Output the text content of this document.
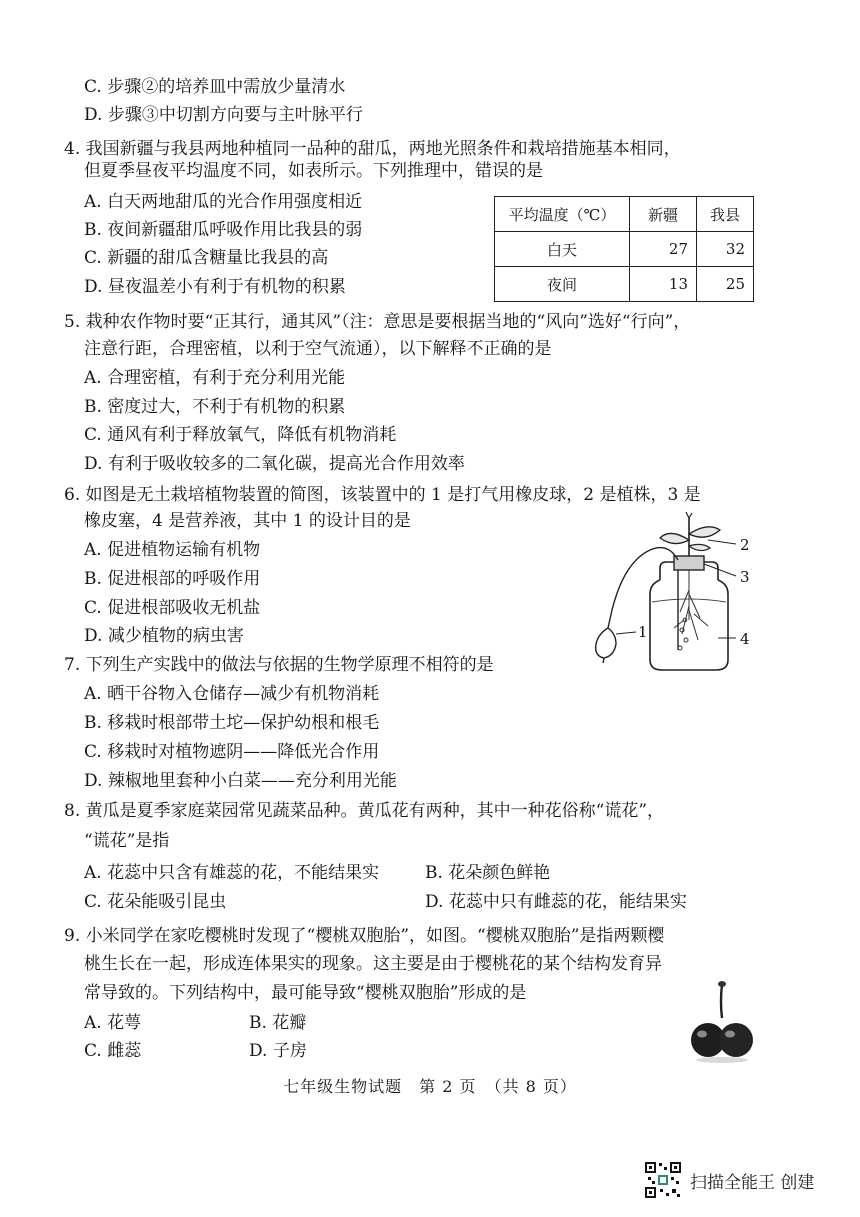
C. 步骤②的培养皿中需放少量清水
D. 步骤③中切割方向要与主叶脉平行
4. 我国新疆与我县两地种植同一品种的甜瓜，两地光照条件和栽培措施基本相同，
但夏季昼夜平均温度不同，如表所示。下列推理中，错误的是
A. 白天两地甜瓜的光合作用强度相近
B. 夜间新疆甜瓜呼吸作用比我县的弱
C. 新疆的甜瓜含糖量比我县的高
D. 昼夜温差小有利于有机物的积累
平均温度（℃）	新疆	我县
白天	27	32
夜间	13	25
5. 栽种农作物时要“正其行，通其风”（注：意思是要根据当地的“风向”选好“行向”，
注意行距，合理密植，以利于空气流通），以下解释不正确的是
A. 合理密植，有利于充分利用光能
B. 密度过大，不利于有机物的积累
C. 通风有利于释放氧气，降低有机物消耗
D. 有利于吸收较多的二氧化碳，提高光合作用效率
6. 如图是无土栽培植物装置的简图，该装置中的 1 是打气用橡皮球，2 是植株，3 是
橡皮塞，4 是营养液，其中 1 的设计目的是
A. 促进植物运输有机物
B. 促进根部的呼吸作用
C. 促进根部吸收无机盐
D. 减少植物的病虫害
2
3
4
1
7. 下列生产实践中的做法与依据的生物学原理不相符的是
A. 晒干谷物入仓储存—减少有机物消耗
B. 移栽时根部带土坨—保护幼根和根毛
C. 移栽时对植物遮阴——降低光合作用
D. 辣椒地里套种小白菜——充分利用光能
8. 黄瓜是夏季家庭菜园常见蔬菜品种。黄瓜花有两种，其中一种花俗称“谎花”，
“谎花”是指
A. 花蕊中只含有雄蕊的花，不能结果实	B. 花朵颜色鲜艳
C. 花朵能吸引昆虫	D. 花蕊中只有雌蕊的花，能结果实
9. 小米同学在家吃樱桃时发现了“樱桃双胞胎”，如图。“樱桃双胞胎”是指两颗樱
桃生长在一起，形成连体果实的现象。这主要是由于樱桃花的某个结构发育异
常导致的。下列结构中，最可能导致“樱桃双胞胎”形成的是
A. 花萼	B. 花瓣
C. 雌蕊	D. 子房
七年级生物试题　第 2 页　（共 8 页）
扫描全能王 创建
